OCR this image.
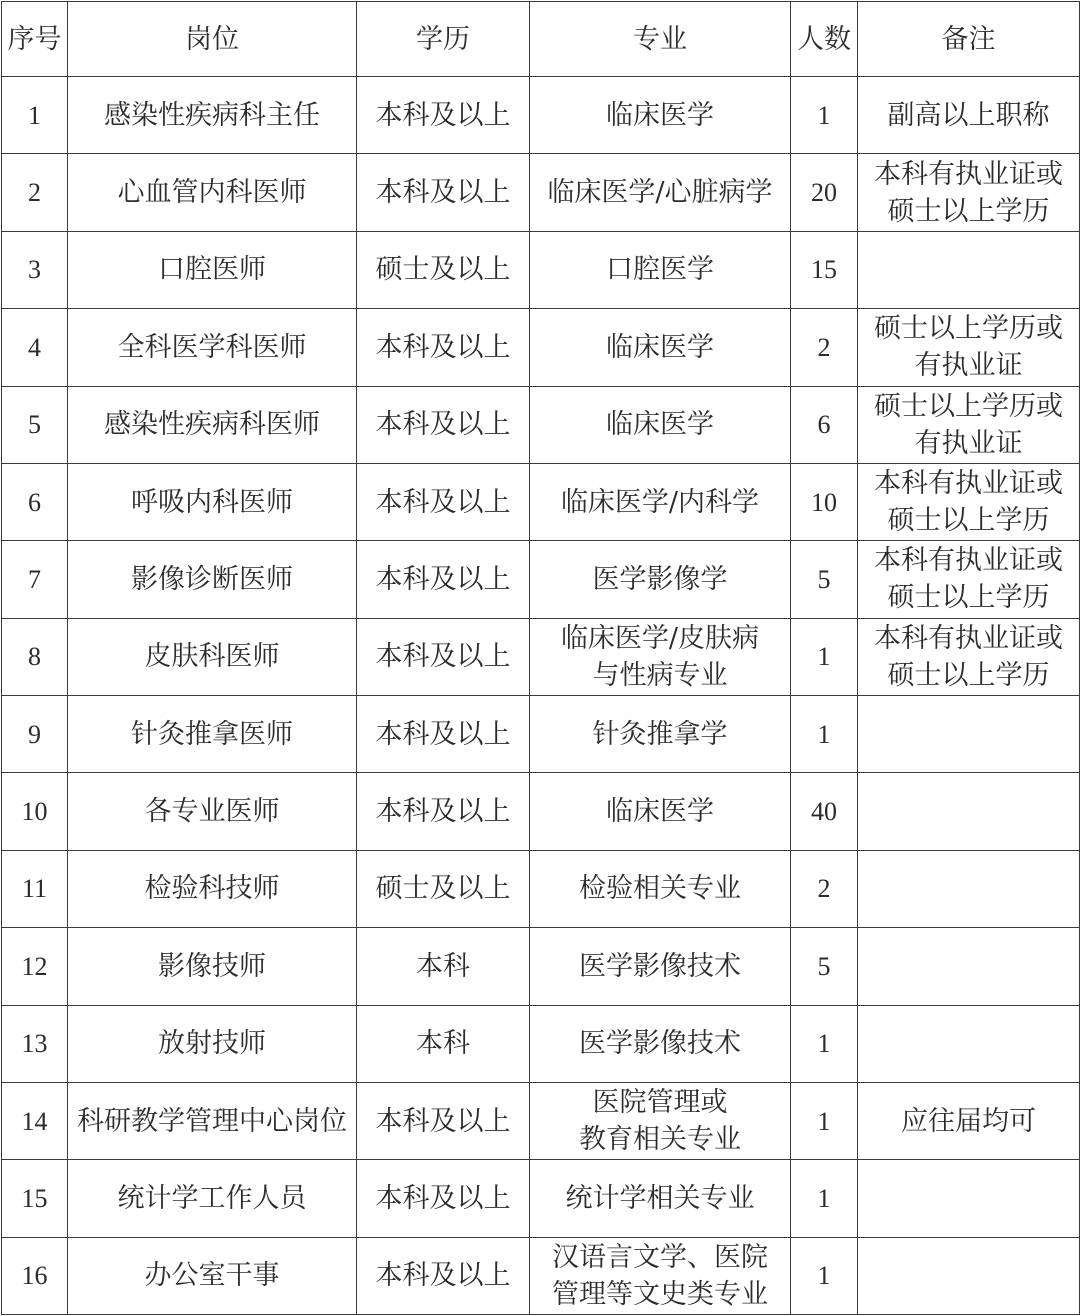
序号	岗位	学历	专业	人数	备注
1	感染性疾病科主任	本科及以上	临床医学	1	副高以上职称

2	心血管内科医师	本科及以上	临床医学/心脏病学	20	本科有执业证或
硕士以上学历

3	口腔医师	硕士及以上	口腔医学	15	
4	全科医学科医师	本科及以上	临床医学	2	硕士以上学历或
有执业证

5	感染性疾病科医师	本科及以上	临床医学	6	硕士以上学历或
有执业证

6	呼吸内科医师	本科及以上	临床医学/内科学	10	本科有执业证或
硕士以上学历

7	影像诊断医师	本科及以上	医学影像学	5	本科有执业证或
硕士以上学历

8	皮肤科医师	本科及以上	临床医学/皮肤病
与性病专业	1	本科有执业证或
硕士以上学历

9	针灸推拿医师	本科及以上	针灸推拿学	1	
10	各专业医师	本科及以上	临床医学	40	
11	检验科技师	硕士及以上	检验相关专业	2	
12	影像技师	本科	医学影像技术	5	
13	放射技师	本科	医学影像技术	1	
14	科研教学管理中心岗位	本科及以上	医院管理或
教育相关专业	1	应往届均可

15	统计学工作人员	本科及以上	统计学相关专业	1	
16	办公室干事	本科及以上	汉语言文学、医院
管理等文史类专业	1	
